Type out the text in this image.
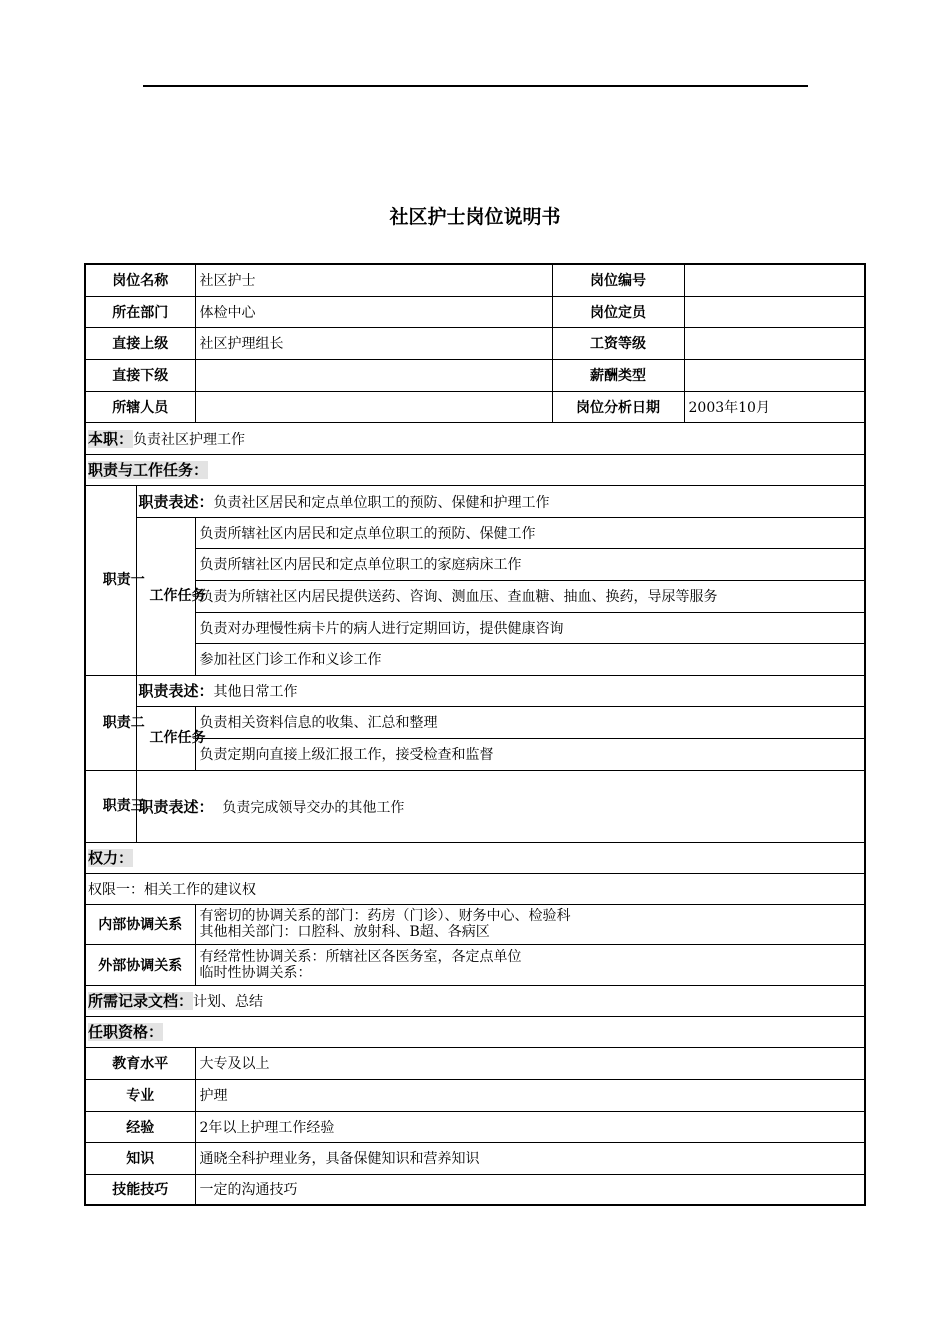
社区护士岗位说明书
岗位名称		社区护士	岗位编号	
所在部门		体检中心	岗位定员	
直接上级		社区护理组长	工资等级	
直接下级			薪酬类型	
所辖人员			岗位分析日期	2003年10月
本职：负责社区护理工作				
职责与工作任务：				

职责一	职责表述：负责社区居民和定点单位职工的预防、保健和护理工作			

	工作任务	负责所辖社区内居民和定点单位职工的预防、保健工作		
		负责所辖社区内居民和定点单位职工的家庭病床工作		
		负责为所辖社区内居民提供送药、咨询、测血压、查血糖、抽血、换药，导尿等服务		
		负责对办理慢性病卡片的病人进行定期回访，提供健康咨询		
		参加社区门诊工作和义诊工作		

职责二	职责表述：其他日常工作			

	工作任务	负责相关资料信息的收集、汇总和整理		
		负责定期向直接上级汇报工作，接受检查和监督		

职责三	职责表述： 负责完成领导交办的其他工作			
权力：				
权限一：相关工作的建议权				
内部协调关系		有密切的协调关系的部门：药房（门诊）、财务中心、检验科
其他相关部门：口腔科、放射科、B超、各病区		

外部协调关系		有经常性协调关系：所辖社区各医务室，各定点单位
临时性协调关系：		

所需记录文档：计划、总结				
任职资格：				
教育水平		大专及以上		
专业		护理		
经验		2年以上护理工作经验		
知识		通晓全科护理业务，具备保健知识和营养知识		
技能技巧		一定的沟通技巧		
